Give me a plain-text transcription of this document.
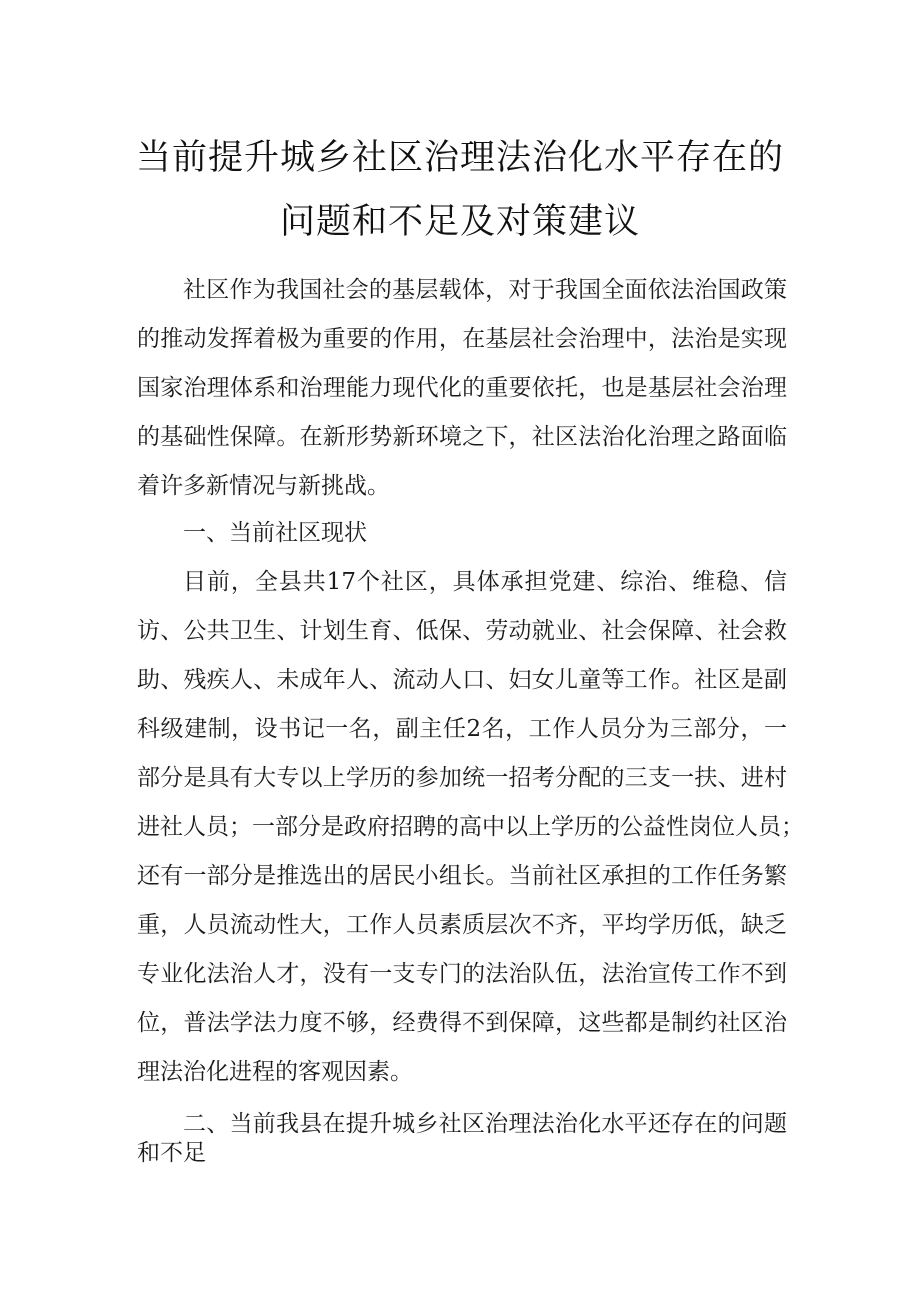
当前提升城乡社区治理法治化水平存在的
问题和不足及对策建议
社区作为我国社会的基层载体，对于我国全面依法治国政策
的推动发挥着极为重要的作用，在基层社会治理中，法治是实现
国家治理体系和治理能力现代化的重要依托，也是基层社会治理
的基础性保障。在新形势新环境之下，社区法治化治理之路面临
着许多新情况与新挑战。
一、当前社区现状
目前，全县共17个社区，具体承担党建、综治、维稳、信
访、公共卫生、计划生育、低保、劳动就业、社会保障、社会救
助、残疾人、未成年人、流动人口、妇女儿童等工作。社区是副
科级建制，设书记一名，副主任2名，工作人员分为三部分，一
部分是具有大专以上学历的参加统一招考分配的三支一扶、进村
进社人员；一部分是政府招聘的高中以上学历的公益性岗位人员；
还有一部分是推选出的居民小组长。当前社区承担的工作任务繁
重，人员流动性大，工作人员素质层次不齐，平均学历低，缺乏
专业化法治人才，没有一支专门的法治队伍，法治宣传工作不到
位，普法学法力度不够，经费得不到保障，这些都是制约社区治
理法治化进程的客观因素。
二、当前我县在提升城乡社区治理法治化水平还存在的问题
和不足
